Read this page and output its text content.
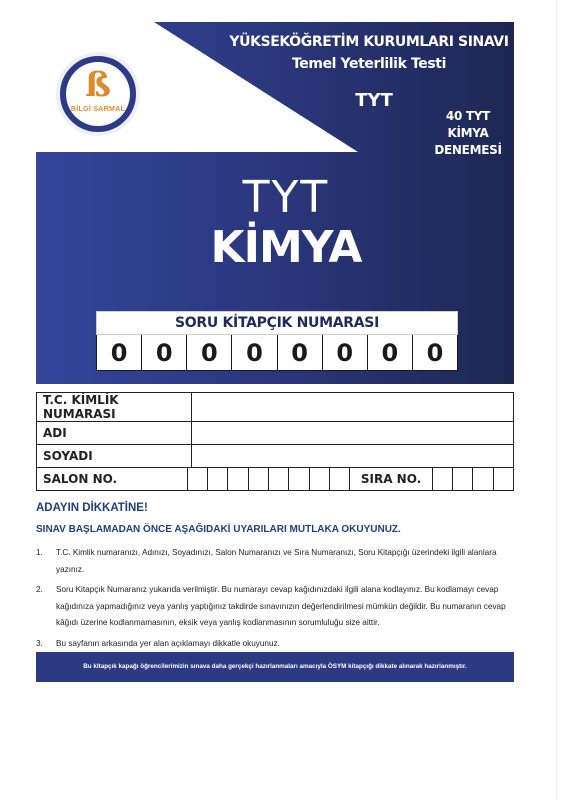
ß
BİLGİ SARMAL
YÜKSEKÖĞRETİM KURUMLARI SINAVI
Temel Yeterlilik Testi
TYT
40 TYT
KİMYA
DENEMESİ
TYT
KİMYA
SORU KİTAPÇIK NUMARASI
0	0	0	0	0	0	0	0
T.C. KİMLİK NUMARASI	
ADI	
SOYADI	

SALON NO. SIRA NO.	

ADAYIN DİKKATİNE!

SINAV BAŞLAMADAN ÖNCE AŞAĞIDAKİ UYARILARI MUTLAKA OKUYUNUZ.

1.	T.C. Kimlik numaranızı, Adınızı, Soyadınızı, Salon Numaranızı ve Sıra Numaranızı, Soru Kitapçığı üzerindeki ilgili alanlara yazınız.
2.	Soru Kitapçık Numaranız yukarıda verilmiştir. Bu numarayı cevap kağıdınızdaki ilgili alana kodlayınız. Bu kodlamayı cevap kağıdınıza yapmadığınız veya yanlış yaptığınız takdirde sınavınızın değerlendirilmesi mümkün değildir. Bu numaranın cevap kâğıdı üzerine kodlanmamasının, eksik veya yanlış kodlanmasının sorumluluğu size aittir.
3.	Bu sayfanın arkasında yer alan açıklamayı dikkatle okuyunuz.
Bu kitapçık kapağı öğrencilerimizin sınava daha gerçekçi hazırlanmaları amacıyla ÖSYM kitapçığı dikkate alınarak hazırlanmıştır.
